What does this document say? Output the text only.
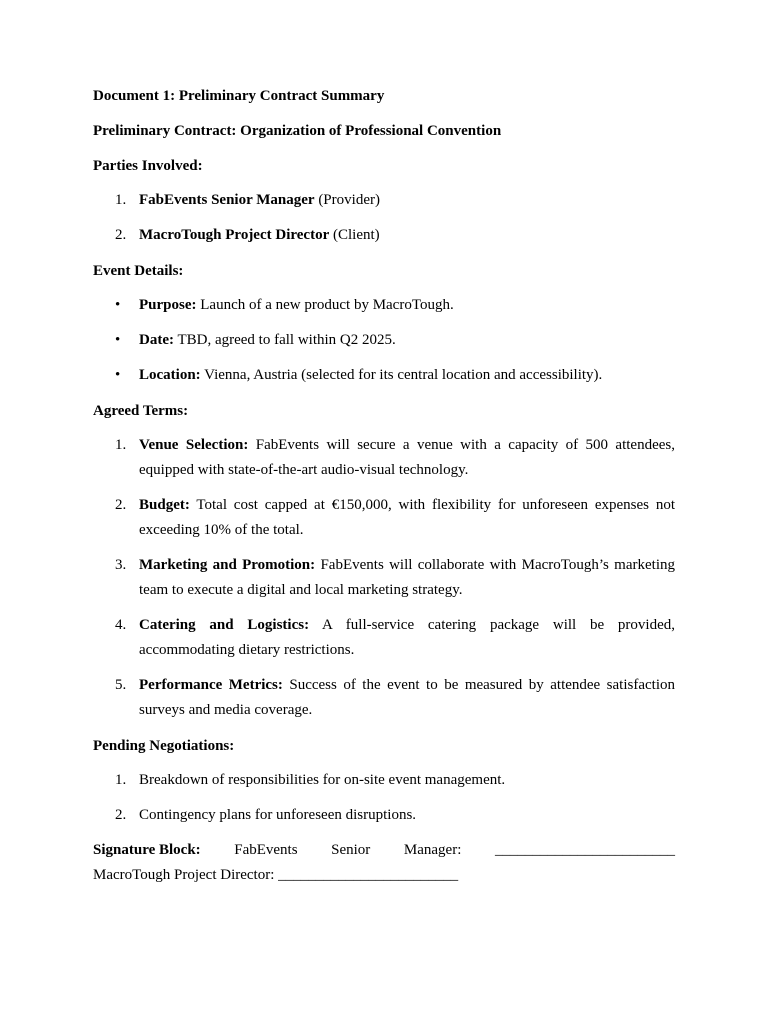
Document 1: Preliminary Contract Summary
Preliminary Contract: Organization of Professional Convention
Parties Involved:
1. FabEvents Senior Manager (Provider)
2. MacroTough Project Director (Client)
Event Details:
•	Purpose: Launch of a new product by MacroTough.
•	Date: TBD, agreed to fall within Q2 2025.
•	Location: Vienna, Austria (selected for its central location and accessibility).
Agreed Terms:
1. Venue Selection: FabEvents will secure a venue with a capacity of 500 attendees, equipped with state-of-the-art audio-visual technology.
2. Budget: Total cost capped at €150,000, with flexibility for unforeseen expenses not exceeding 10% of the total.
3. Marketing and Promotion: FabEvents will collaborate with MacroTough’s marketing team to execute a digital and local marketing strategy.
4. Catering and Logistics: A full-service catering package will be provided, accommodating dietary restrictions.
5. Performance Metrics: Success of the event to be measured by attendee satisfaction surveys and media coverage.
Pending Negotiations:
1. Breakdown of responsibilities for on-site event management.
2. Contingency plans for unforeseen disruptions.
Signature Block: FabEvents Senior Manager: ________________________
MacroTough Project Director: ________________________
